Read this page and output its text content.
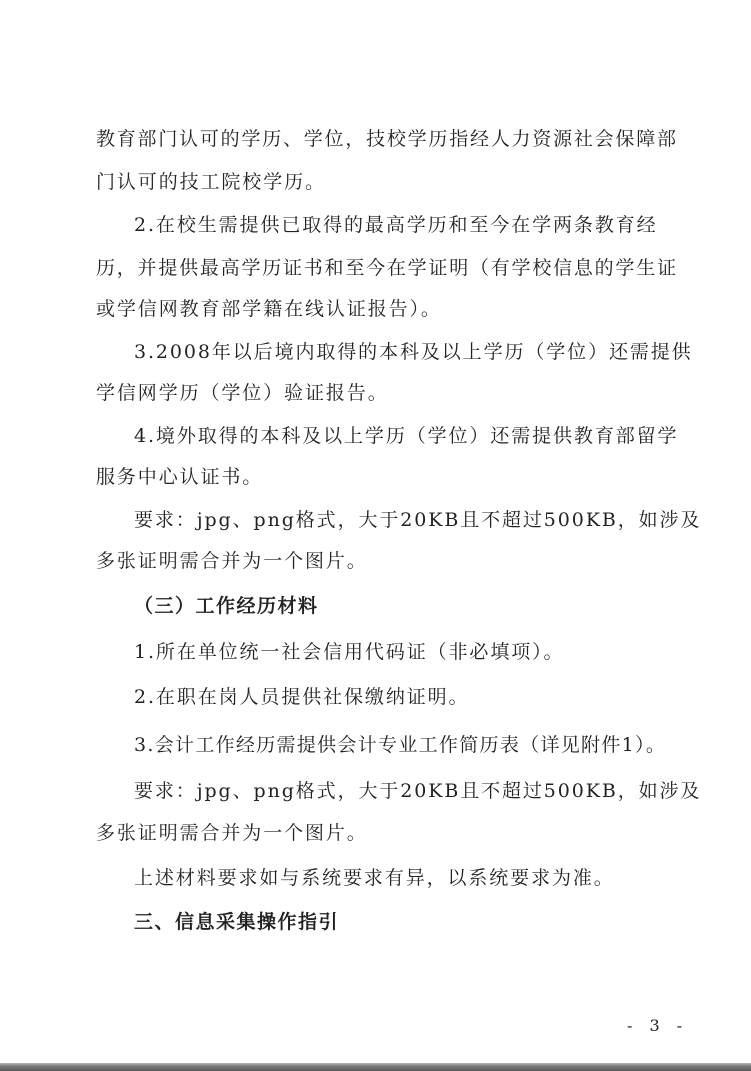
教育部门认可的学历、学位，技校学历指经人力资源社会保障部
门认可的技工院校学历。
2.在校生需提供已取得的最高学历和至今在学两条教育经
历，并提供最高学历证书和至今在学证明（有学校信息的学生证
或学信网教育部学籍在线认证报告）。
3.2008年以后境内取得的本科及以上学历（学位）还需提供
学信网学历（学位）验证报告。
4.境外取得的本科及以上学历（学位）还需提供教育部留学
服务中心认证书。
要求：jpg、png格式，大于20KB且不超过500KB，如涉及
多张证明需合并为一个图片。
（三）工作经历材料
1.所在单位统一社会信用代码证（非必填项）。
2.在职在岗人员提供社保缴纳证明。
3.会计工作经历需提供会计专业工作简历表（详见附件1）。
要求：jpg、png格式，大于20KB且不超过500KB，如涉及
多张证明需合并为一个图片。
上述材料要求如与系统要求有异，以系统要求为准。
三、信息采集操作指引
- 3 -
